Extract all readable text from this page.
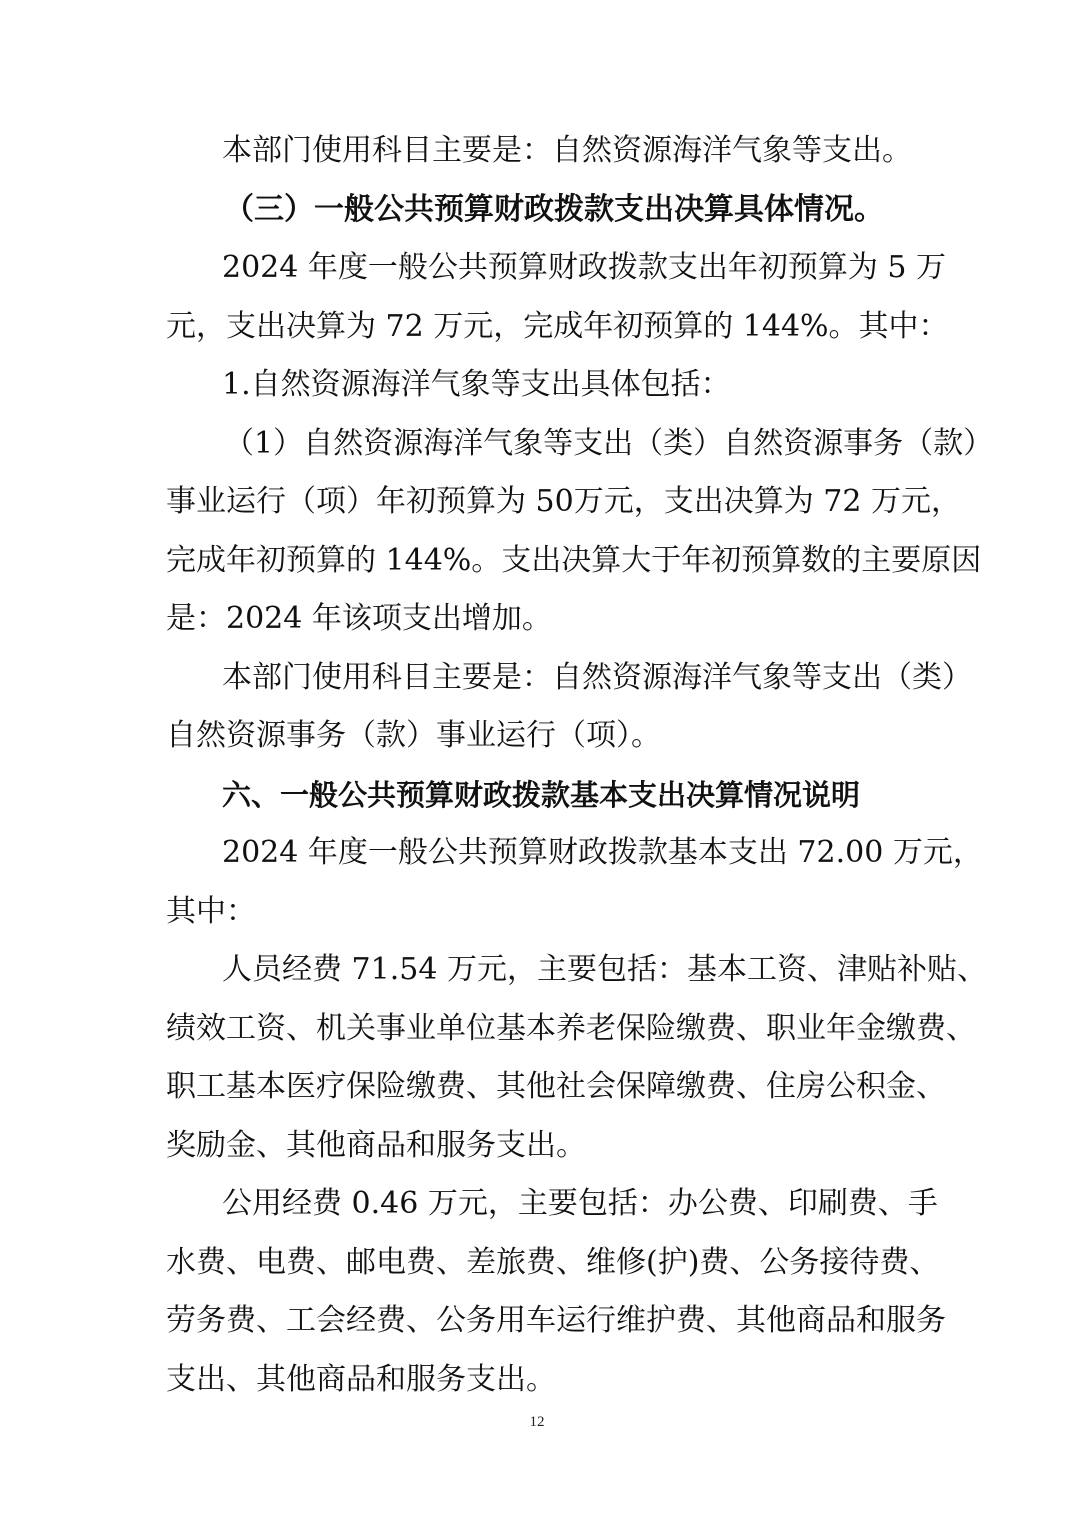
本部门使用科目主要是：自然资源海洋气象等支出。
（三）一般公共预算财政拨款支出决算具体情况。
2024 年度一般公共预算财政拨款支出年初预算为 5 万
元，支出决算为 72 万元，完成年初预算的 144%。其中：
1.自然资源海洋气象等支出具体包括：
（1）自然资源海洋气象等支出（类）自然资源事务（款）
事业运行（项）年初预算为 50万元，支出决算为 72 万元，
完成年初预算的 144%。支出决算大于年初预算数的主要原因
是：2024 年该项支出增加。
本部门使用科目主要是：自然资源海洋气象等支出（类）
自然资源事务（款）事业运行（项）。
六、一般公共预算财政拨款基本支出决算情况说明
2024 年度一般公共预算财政拨款基本支出 72.00 万元，
其中：
人员经费 71.54 万元，主要包括：基本工资、津贴补贴、
绩效工资、机关事业单位基本养老保险缴费、职业年金缴费、
职工基本医疗保险缴费、其他社会保障缴费、住房公积金、
奖励金、其他商品和服务支出。
公用经费 0.46 万元，主要包括：办公费、印刷费、手
水费、电费、邮电费、差旅费、维修(护)费、公务接待费、
劳务费、工会经费、公务用车运行维护费、其他商品和服务
支出、其他商品和服务支出。
12
